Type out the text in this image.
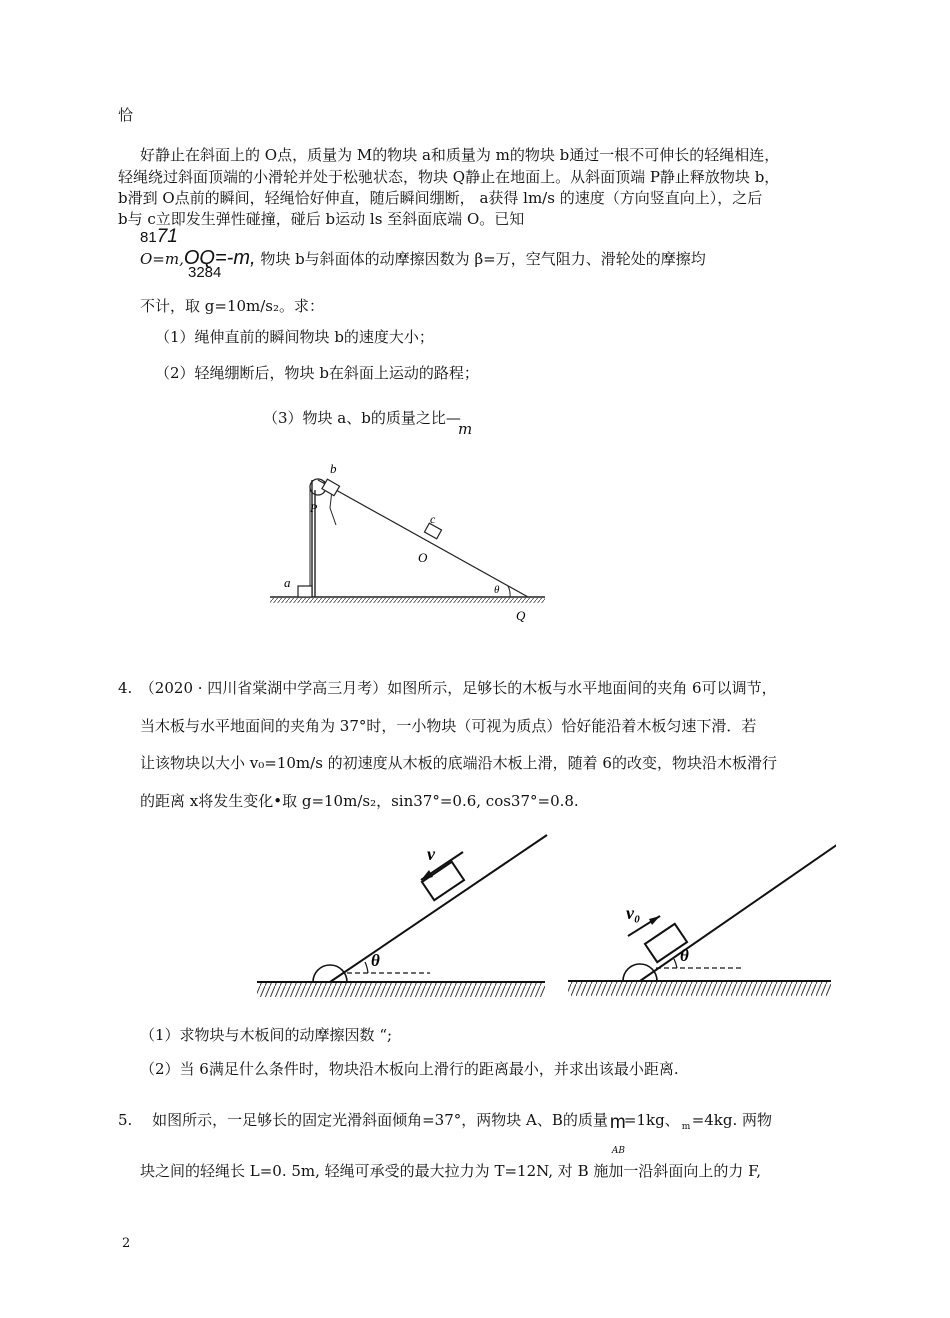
恰
好静止在斜面上的 O点，质量为 M的物块 a和质量为 m的物块 b通过一根不可伸长的轻绳相连，
轻绳绕过斜面顶端的小滑轮并处于松驰状态，物块 Q静止在地面上。从斜面顶端 P静止释放物块 b，
b滑到 O点前的瞬间，轻绳恰好伸直，随后瞬间绷断， a获得 lm/s 的速度（方向竖直向上），之后
b与 c立即发生弹性碰撞，碰后 b运动 ls 至斜面底端 O。已知
8171
O=m,OQ=-m, 物块 b与斜面体的动摩擦因数为 β=万，空气阻力、滑轮处的摩擦均
3284
不计，取 g=10m/s₂。求：
（1）绳伸直前的瞬间物块 b的速度大小；
（2）轻绳绷断后，物块 b在斜面上运动的路程；
（3）物块 a、b的质量之比—
m
b
P
c
O
a	θ
Q
4.　（2020 · 四川省棠湖中学高三月考）如图所示，足够长的木板与水平地面间的夹角 6可以调节，
当木板与水平地面间的夹角为 37°时，一小物块（可视为质点）恰好能沿着木板匀速下滑．若
让该物块以大小 v₀=10m/s 的初速度从木板的底端沿木板上滑，随着 6的改变，物块沿木板滑行
的距离 x将发生变化•取 g=10m/s₂，sin37°=0.6, cos37°=0.8.
v
θ
v₀
θ
（1）求物块与木板间的动摩擦因数 “;
（2）当 6满足什么条件时，物块沿木板向上滑行的距离最小，并求出该最小距离.
5.　 如图所示，一足够长的固定光滑斜面倾角=37°，两物块 A、B的质量 m
AB
=1kg、 m =4kg. 两物
块之间的轻绳长 L=0. 5m, 轻绳可承受的最大拉力为 T=12N, 对 B 施加一沿斜面向上的力 F,
2
